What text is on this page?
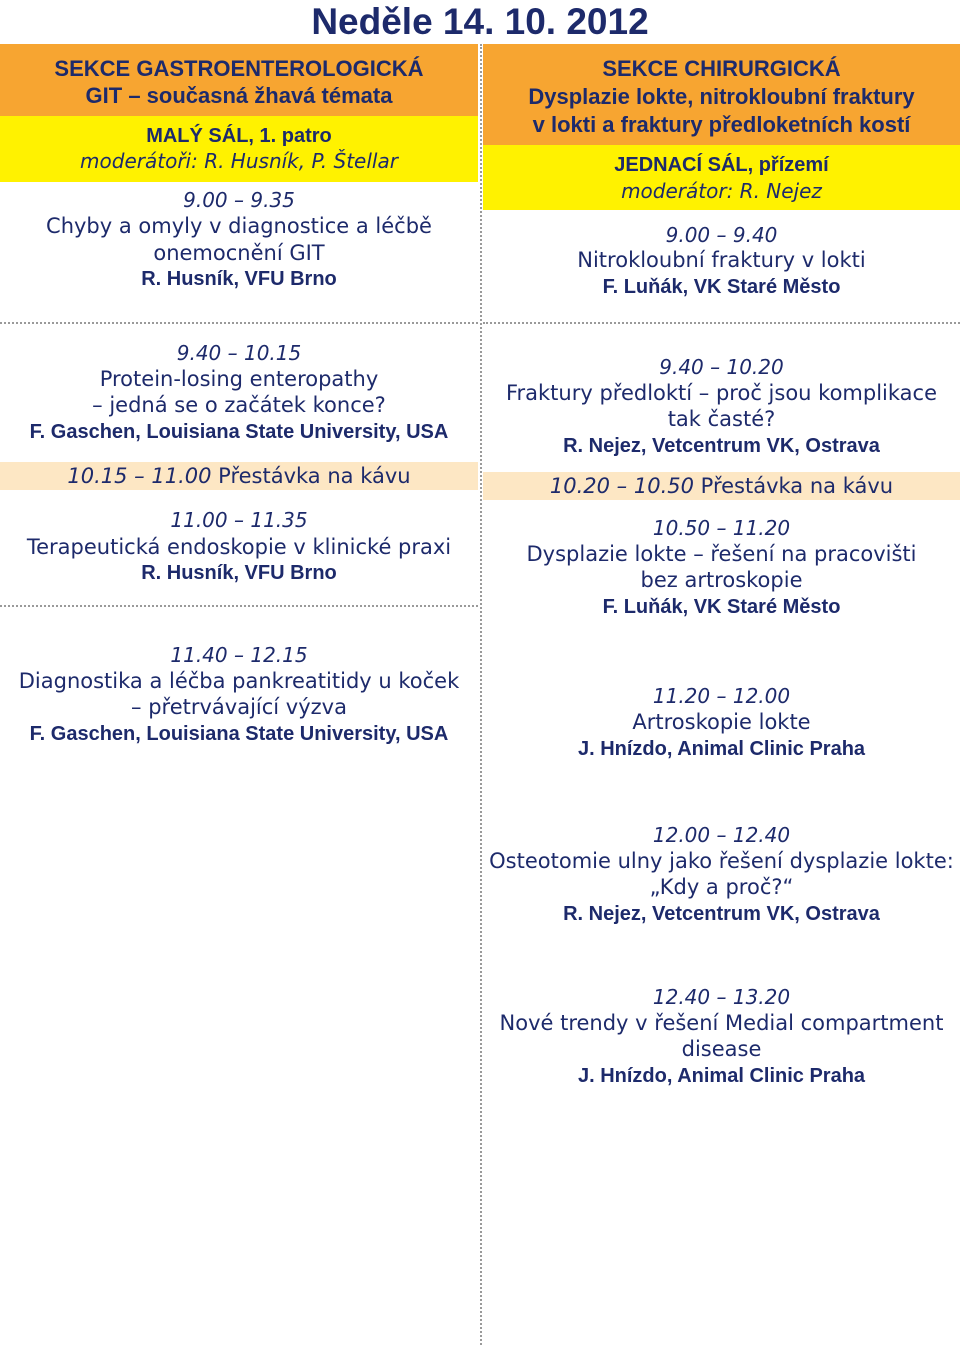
Neděle 14. 10. 2012
SEKCE GASTROENTEROLOGICKÁ
GIT – současná žhavá témata
MALÝ SÁL, 1. patro
moderátoři: R. Husník, P. Štellar
9.00 – 9.35
Chyby a omyly v diagnostice a léčbě
onemocnění GIT
R. Husník, VFU Brno
9.40 – 10.15
Protein-losing enteropathy
– jedná se o začátek konce?
F. Gaschen, Louisiana State University, USA
10.15 – 11.00 Přestávka na kávu
11.00 – 11.35
Terapeutická endoskopie v klinické praxi
R. Husník, VFU Brno
11.40 – 12.15
Diagnostika a léčba pankreatitidy u koček
– přetrvávající výzva
F. Gaschen, Louisiana State University, USA
SEKCE CHIRURGICKÁ
Dysplazie lokte, nitrokloubní fraktury
v lokti a fraktury předloketních kostí
JEDNACÍ SÁL, přízemí
moderátor: R. Nejez
9.00 – 9.40
Nitrokloubní fraktury v lokti
F. Luňák, VK Staré Město
9.40 – 10.20
Fraktury předloktí – proč jsou komplikace
tak časté?
R. Nejez, Vetcentrum VK, Ostrava
10.20 – 10.50 Přestávka na kávu
10.50 – 11.20
Dysplazie lokte – řešení na pracovišti
bez artroskopie
F. Luňák, VK Staré Město
11.20 – 12.00
Artroskopie lokte
J. Hnízdo, Animal Clinic Praha
12.00 – 12.40
Osteotomie ulny jako řešení dysplazie lokte:
„Kdy a proč?“
R. Nejez, Vetcentrum VK, Ostrava
12.40 – 13.20
Nové trendy v řešení Medial compartment
disease
J. Hnízdo, Animal Clinic Praha
